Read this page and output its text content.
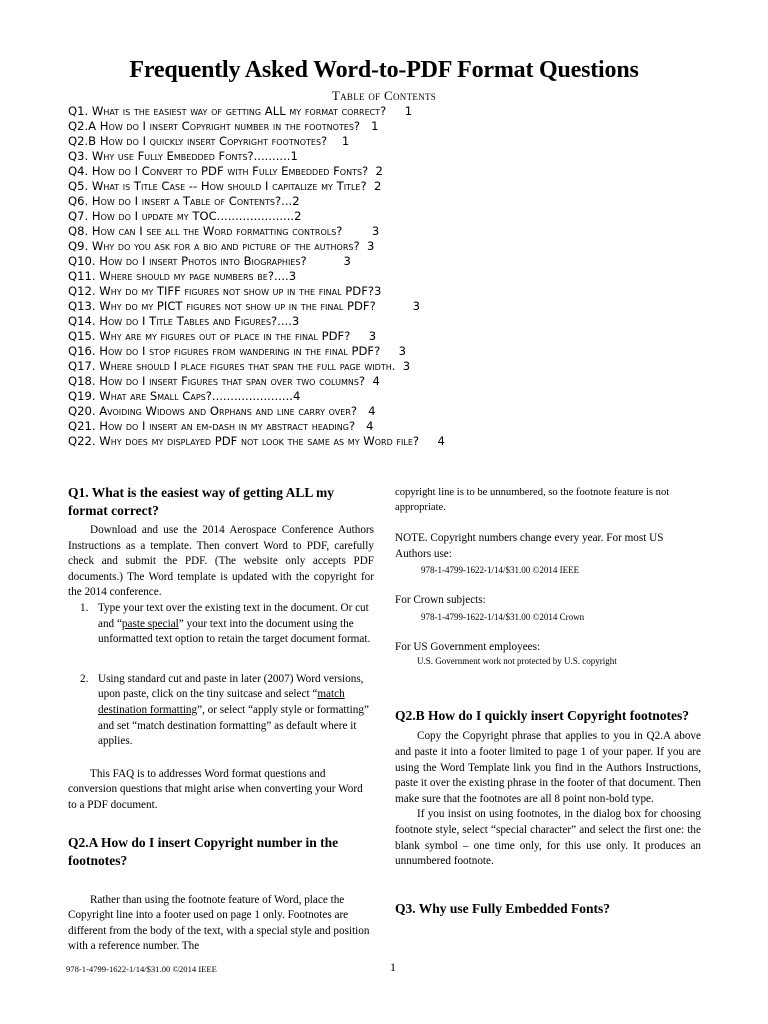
Frequently Asked Word-to-PDF Format Questions
Table of Contents
Q1. What is the easiest way of getting ALL my format correct?     1
Q2.A How do I insert Copyright number in the footnotes?   1
Q2.B How do I quickly insert Copyright footnotes?    1
Q3. Why use Fully Embedded Fonts?..........1
Q4. How do I Convert to PDF with Fully Embedded Fonts?  2
Q5. What is Title Case -- How should I capitalize my Title?  2
Q6. How do I insert a Table of Contents?...2
Q7. How do I update my TOC.....................2
Q8. How can I see all the Word formatting controls?        3
Q9. Why do you ask for a bio and picture of the authors?  3
Q10. How do I insert Photos into Biographies?          3
Q11. Where should my page numbers be?....3
Q12. Why do my TIFF figures not show up in the final PDF?3
Q13. Why do my PICT figures not show up in the final PDF?          3
Q14. How do I Title Tables and Figures?....3
Q15. Why are my figures out of place in the final PDF?     3
Q16. How do I stop figures from wandering in the final PDF?     3
Q17. Where should I place figures that span the full page width.  3
Q18. How do I insert Figures that span over two columns?  4
Q19. What are Small Caps?......................4
Q20. Avoiding Widows and Orphans and line carry over?   4
Q21. How do I insert an em-dash in my abstract heading?   4
Q22. Why does my displayed PDF not look the same as my Word file?     4

Q1. What is the easiest way of getting ALL my format correct?

Download and use the 2014 Aerospace Conference Authors Instructions as a template. Then convert Word to PDF, carefully check and submit the PDF. (The website only accepts PDF documents.) The Word template is updated with the copyright for the 2014 conference.

1. Type your text over the existing text in the document. Or cut and “paste special” your text into the document using the unformatted text option to retain the target document format.
2. Using standard cut and paste in later (2007) Word versions, upon paste, click on the tiny suitcase and select “match destination formatting”, or select “apply style or formatting” and set “match destination formatting” as default where it applies.

This FAQ is to addresses Word format questions and conversion questions that might arise when converting your Word to a PDF document.

Q2.A How do I insert Copyright number in the footnotes?

Rather than using the footnote feature of Word, place the Copyright line into a footer used on page 1 only. Footnotes are different from the body of the text, with a special style and position with a reference number. The

copyright line is to be unnumbered, so the footnote feature is not appropriate.

NOTE. Copyright numbers change every year. For most US Authors use:

978-1-4799-1622-1/14/$31.00 ©2014 IEEE

For Crown subjects:

978-1-4799-1622-1/14/$31.00 ©2014 Crown

For US Government employees:

U.S. Government work not protected by U.S. copyright

Q2.B How do I quickly insert Copyright footnotes?

Copy the Copyright phrase that applies to you in Q2.A above and paste it into a footer limited to page 1 of your paper. If you are using the Word Template link you find in the Authors Instructions, paste it over the existing phrase in the footer of that document. Then make sure that the footnotes are all 8 point non-bold type.

If you insist on using footnotes, in the dialog box for choosing footnote style, select “special character” and select the first one: the blank symbol – one time only, for this use only. It produces an unnumbered footnote.

Q3. Why use Fully Embedded Fonts?

978-1-4799-1622-1/14/$31.00 ©2014 IEEE	1
